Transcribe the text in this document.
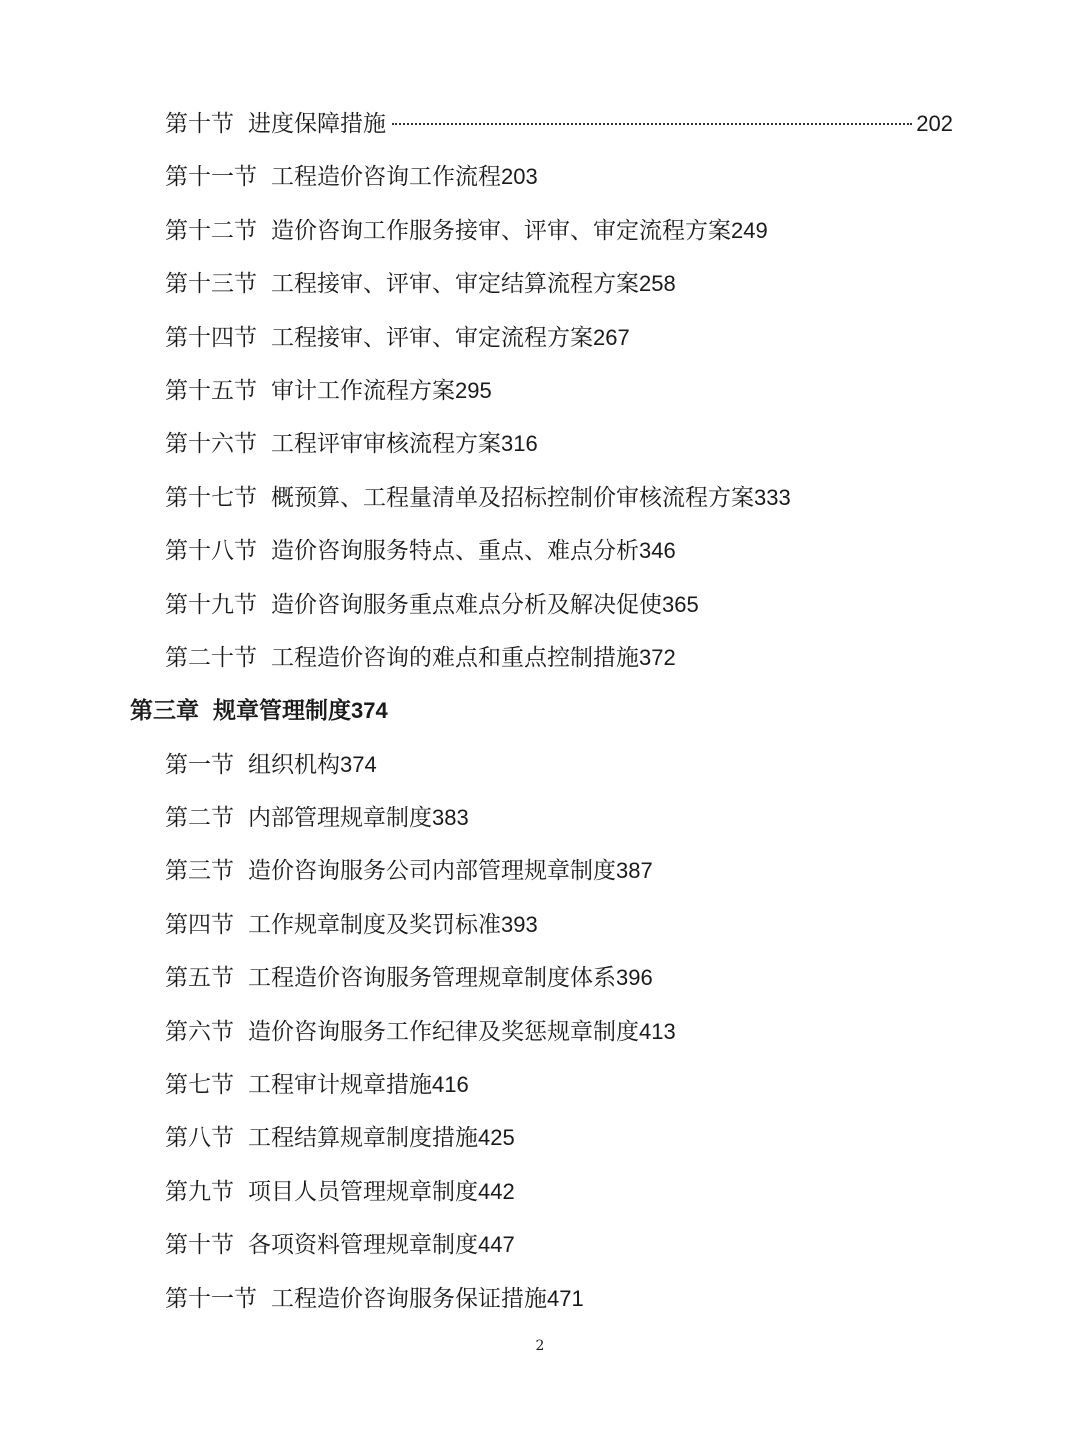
第十节 进度保障措施	202
第十一节 工程造价咨询工作流程203
第十二节 造价咨询工作服务接审、评审、审定流程方案249
第十三节 工程接审、评审、审定结算流程方案258
第十四节 工程接审、评审、审定流程方案267
第十五节 审计工作流程方案295
第十六节 工程评审审核流程方案316
第十七节 概预算、工程量清单及招标控制价审核流程方案333
第十八节 造价咨询服务特点、重点、难点分析346
第十九节 造价咨询服务重点难点分析及解决促使365
第二十节 工程造价咨询的难点和重点控制措施372
第三章 规章管理制度374
第一节 组织机构374
第二节 内部管理规章制度383
第三节 造价咨询服务公司内部管理规章制度387
第四节 工作规章制度及奖罚标准393
第五节 工程造价咨询服务管理规章制度体系396
第六节 造价咨询服务工作纪律及奖惩规章制度413
第七节 工程审计规章措施416
第八节 工程结算规章制度措施425
第九节 项目人员管理规章制度442
第十节 各项资料管理规章制度447
第十一节 工程造价咨询服务保证措施471
2
